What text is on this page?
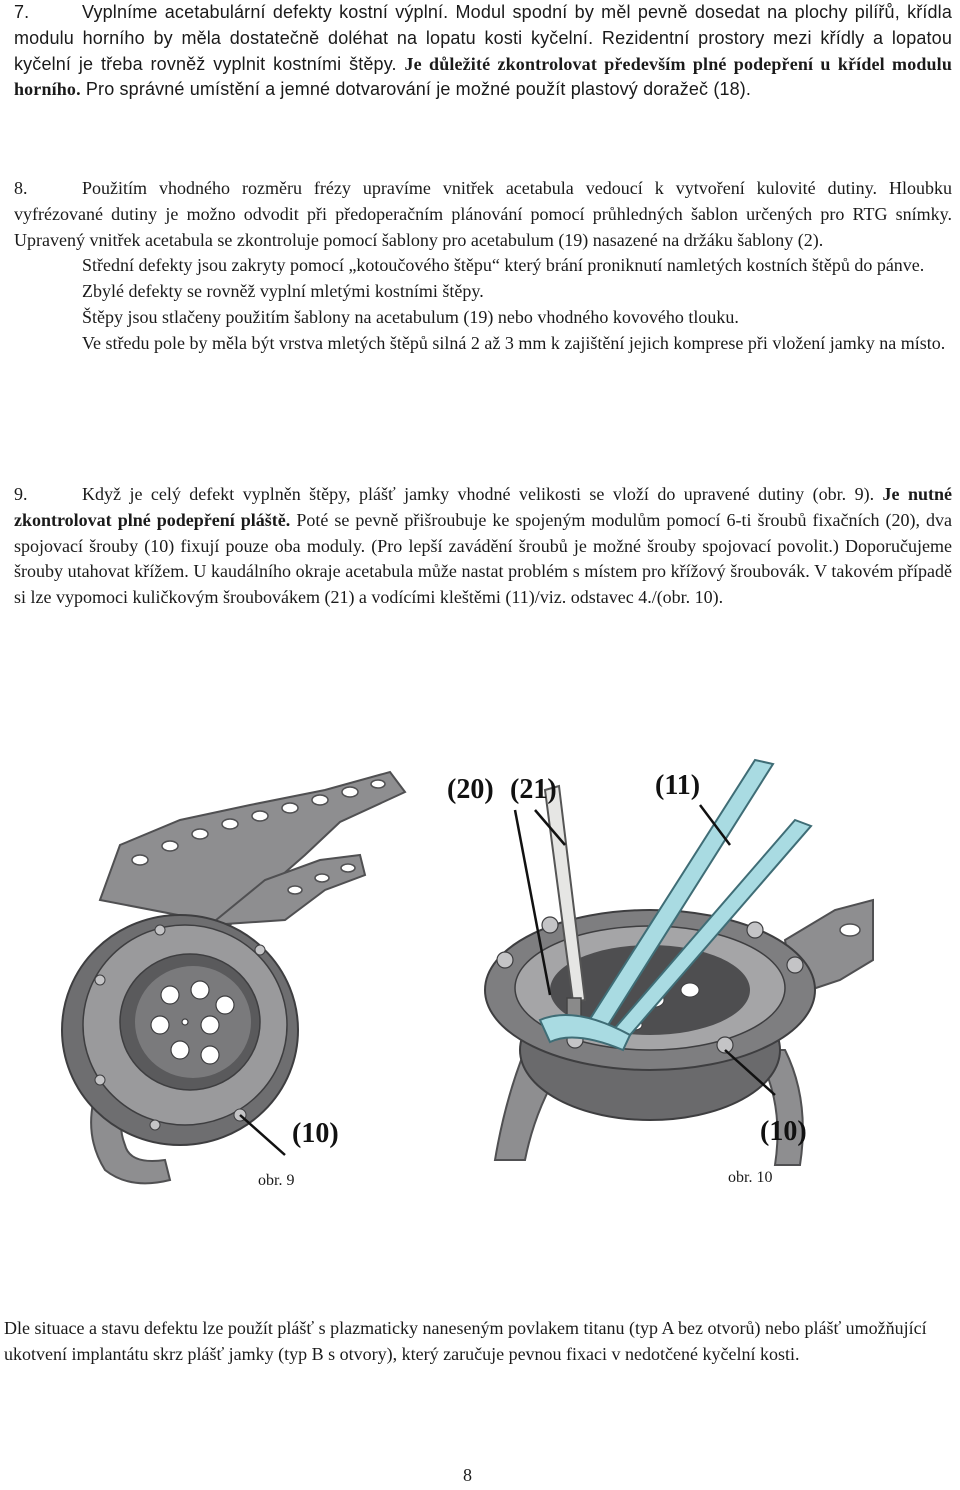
7.	Vyplníme acetabulární defekty kostní výplní. Modul spodní by měl pevně dosedat na plochy pilířů, křídla modulu horního by měla dostatečně doléhat na lopatu kosti kyčelní. Rezidentní prostory mezi křídly a lopatou kyčelní je třeba rovněž vyplnit kostními štěpy. Je důležité zkontrolovat především plné podepření u křídel modulu horního. Pro správné umístění a jemné dotvarování je možné použít plastový doražeč (18).

8.	Použitím vhodného rozměru frézy upravíme vnitřek acetabula vedoucí k vytvoření kulovité dutiny. Hloubku vyfrézované dutiny je možno odvodit při předoperačním plánování pomocí průhledných šablon určených pro RTG snímky. Upravený vnitřek acetabula se zkontroluje pomocí šablony pro acetabulum (19) nasazené na držáku šablony (2).

Střední defekty jsou zakryty pomocí „kotoučového štěpu“ který brání proniknutí namletých kostních štěpů do pánve.

Zbylé defekty se rovněž vyplní mletými kostními štěpy.

Štěpy jsou stlačeny použitím šablony na acetabulum (19) nebo vhodného kovového tlouku.

Ve středu pole by měla být vrstva mletých štěpů silná 2 až 3 mm k zajištění jejich komprese při vložení jamky na místo.

9.	Když je celý defekt vyplněn štěpy, plášť jamky vhodné velikosti se vloží do upravené dutiny (obr. 9). Je nutné zkontrolovat plné podepření pláště. Poté se pevně přišroubuje ke spojeným modulům pomocí 6-ti šroubů fixačních (20), dva spojovací šrouby (10) fixují pouze oba moduly. (Pro lepší zavádění šroubů je možné šrouby spojovací povolit.) Doporučujeme šrouby utahovat křížem. U kaudálního okraje acetabula může nastat problém s místem pro křížový šroubovák. V takovém případě si lze vypomoci kuličkovým šroubovákem (21) a vodícími kleštěmi (11)/viz. odstavec 4./(obr. 10).

(10)
(20) (21)	(11)
(10)
obr. 9	obr. 10

Dle situace a stavu defektu lze použít plášť s plazmaticky naneseným povlakem titanu (typ A bez otvorů) nebo plášť umožňující ukotvení implantátu skrz plášť jamky (typ B s otvory), který zaručuje pevnou fixaci v nedotčené kyčelní kosti.

8
